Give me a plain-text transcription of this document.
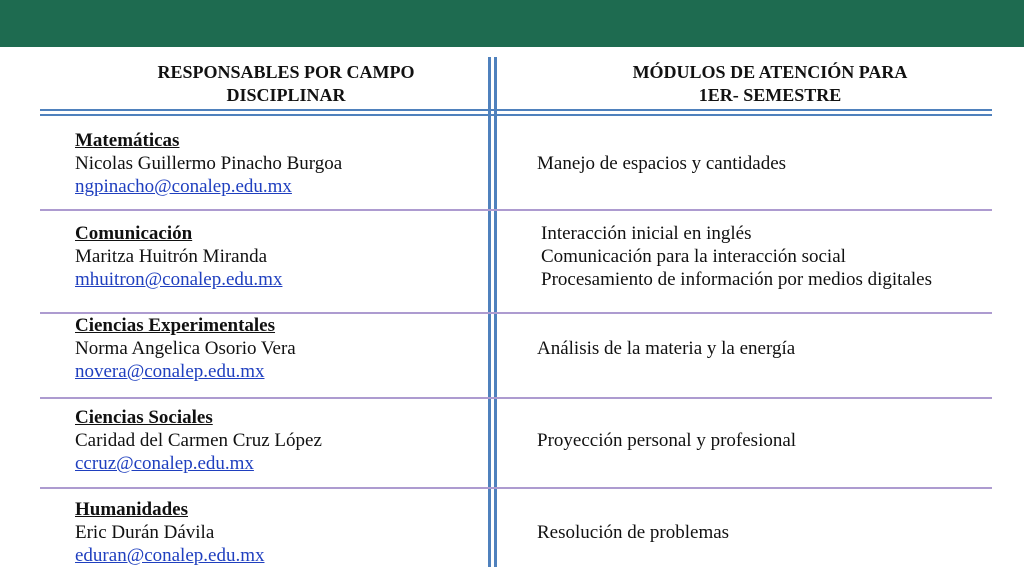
RESPONSABLES POR CAMPO
DISCIPLINAR
MÓDULOS DE ATENCIÓN PARA
1ER- SEMESTRE
Matemáticas
Nicolas Guillermo Pinacho Burgoa
ngpinacho@conalep.edu.mx
Manejo de espacios y cantidades
Comunicación
Maritza Huitrón Miranda
mhuitron@conalep.edu.mx
Interacción inicial en inglés
Comunicación para la interacción social
Procesamiento de información por medios digitales
Ciencias Experimentales
Norma Angelica Osorio Vera
novera@conalep.edu.mx
Análisis de la materia y la energía
Ciencias Sociales
Caridad del Carmen Cruz López
ccruz@conalep.edu.mx
Proyección personal y profesional
Humanidades
Eric Durán Dávila
eduran@conalep.edu.mx
Resolución de problemas
